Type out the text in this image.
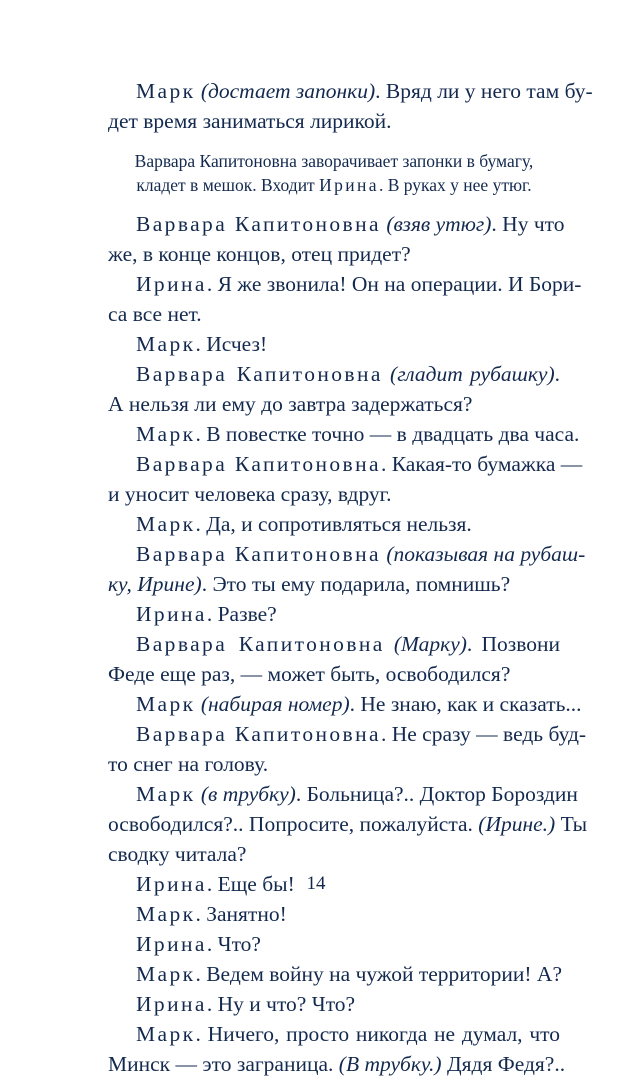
Марк (достает запонки). Вряд ли у него там бу-
дет время заниматься лирикой.
Варвара Капитоновна заворачивает запонки в бумагу,
кладет в мешок. Входит Ирина. В руках у нее утюг.
Варвара Капитоновна (взяв утюг). Ну что
же, в конце концов, отец придет?
Ирина. Я же звонила! Он на операции. И Бори-
са все нет.
Марк. Исчез!
Варвара Капитоновна (гладит рубашку).
А нельзя ли ему до завтра задержаться?
Марк. В повестке точно — в двадцать два часа.
Варвара Капитоновна. Какая-то бумажка —
и уносит человека сразу, вдруг.
Марк. Да, и сопротивляться нельзя.
Варвара Капитоновна (показывая на рубаш-
ку, Ирине). Это ты ему подарила, помнишь?
Ирина. Разве?
Варвара Капитоновна (Марку). Позвони
Феде еще раз, — может быть, освободился?
Марк (набирая номер). Не знаю, как и сказать...
Варвара Капитоновна. Не сразу — ведь буд-
то снег на голову.
Марк (в трубку). Больница?.. Доктор Бороздин
освободился?.. Попросите, пожалуйста. (Ирине.) Ты
сводку читала?
Ирина. Еще бы!
Марк. Занятно!
Ирина. Что?
Марк. Ведем войну на чужой территории! А?
Ирина. Ну и что? Что?
Марк. Ничего, просто никогда не думал, что
Минск — это заграница. (В трубку.) Дядя Федя?..
14
